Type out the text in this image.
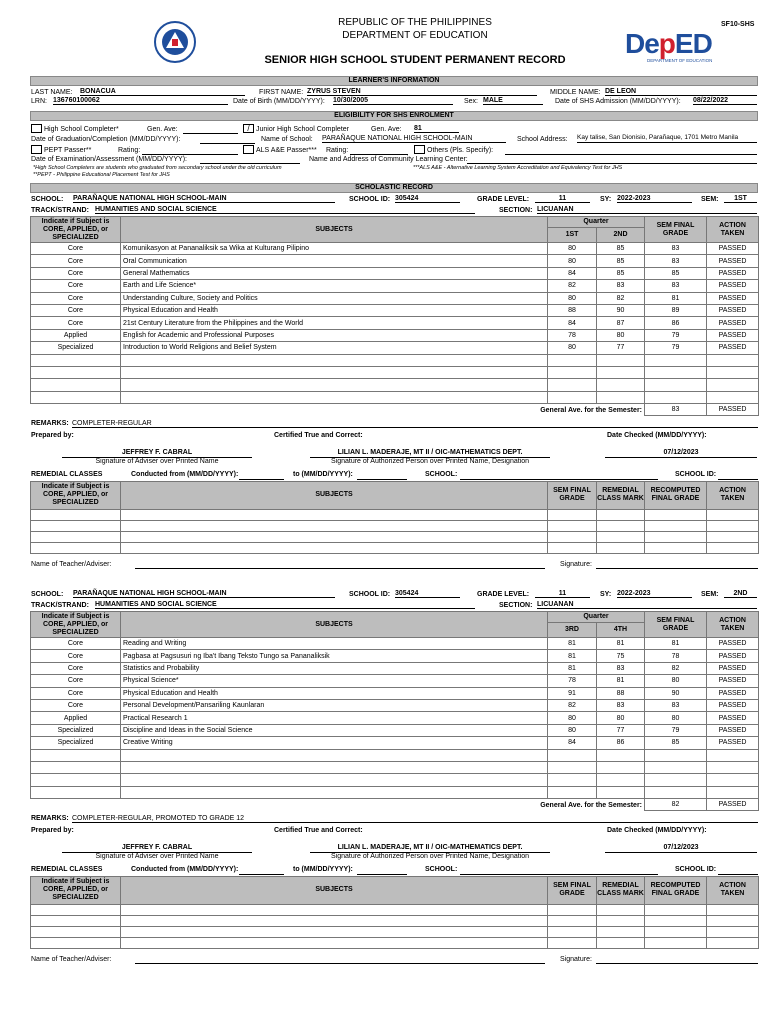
REPUBLIC OF THE PHILIPPINES
DEPARTMENT OF EDUCATION
SENIOR HIGH SCHOOL STUDENT PERMANENT RECORD
SF10-SHS
DepED
DEPARTMENT OF EDUCATION
LEARNER'S INFORMATION
LAST NAME: BONACUA	FIRST NAME: ZYRUS STEVEN	MIDDLE NAME: DE LEON
LRN: 136760100062	Date of Birth (MM/DD/YYYY): 10/30/2005	Sex: MALE	Date of SHS Admission (MM/DD/YYYY): 08/22/2022
ELIGIBILITY FOR SHS ENROLMENT
High School Completer*	Gen. Ave:	/ Junior High School Completer	Gen. Ave: 81
Date of Graduation/Completion (MM/DD/YYYY):	Name of School: PARAÑAQUE NATIONAL HIGH SCHOOL-MAIN	School Address: Kay talise, San Dionisio, Parañaque, 1701 Metro Manila
PEPT Passer**	Rating:	ALS A&E Passer*** Rating:	Others (Pls. Specify):
Date of Examination/Assessment (MM/DD/YYYY):	Name and Address of Community Learning Center:
*High School Completers are students who graduated from secondary school under the old curriculum	***ALS A&E - Alternative Learning System Accreditation and Equivalency Test for JHS
**PEPT - Philippine Educational Placement Test for JHS
SCHOLASTIC RECORD
SCHOOL: PARAÑAQUE NATIONAL HIGH SCHOOL-MAIN	SCHOOL ID: 305424	GRADE LEVEL:	11	SY: 2022-2023	SEM:	1ST
TRACK/STRAND: HUMANITIES AND SOCIAL SCIENCE	SECTION: LICUANAN
Indicate if Subject is CORE, APPLIED, or SPECIALIZED	SUBJECTS	Quarter		SEM FINAL GRADE	ACTION TAKEN
		1ST	2ND		
Core	Komunikasyon at Pananaliksik sa Wika at Kulturang Pilipino	80	85	83	PASSED
Core	Oral Communication	80	85	83	PASSED
Core	General Mathematics	84	85	85	PASSED
Core	Earth and Life Science*	82	83	83	PASSED
Core	Understanding Culture, Society and Politics	80	82	81	PASSED
Core	Physical Education and Health	88	90	89	PASSED
Core	21st Century Literature from the Philippines and the World	84	87	86	PASSED
Applied	English for Academic and Professional Purposes	78	80	79	PASSED
Specialized	Introduction to World Religions and Belief System	80	77	79	PASSED

General Ave. for the Semester:				83	PASSED
REMARKS: COMPLETER-REGULAR
Prepared by:	Certified True and Correct:	Date Checked (MM/DD/YYYY):
JEFFREY F. CABRAL
Signature of Adviser over Printed Name
LILIAN L. MADERAJE, MT II / OIC-MATHEMATICS DEPT.
Signature of Authorized Person over Printed Name, Designation
07/12/2023
REMEDIAL CLASSES	Conducted from (MM/DD/YYYY):	to (MM/DD/YYYY):	SCHOOL:	SCHOOL ID:
Indicate if Subject is CORE, APPLIED, or SPECIALIZED	SUBJECTS	SEM FINAL GRADE	REMEDIAL CLASS MARK	RECOMPUTED FINAL GRADE	ACTION TAKEN

Name of Teacher/Adviser:	Signature:
SCHOOL: PARAÑAQUE NATIONAL HIGH SCHOOL-MAIN	SCHOOL ID: 305424	GRADE LEVEL:	11	SY: 2022-2023	SEM:	2ND
TRACK/STRAND: HUMANITIES AND SOCIAL SCIENCE	SECTION: LICUANAN
Indicate if Subject is CORE, APPLIED, or SPECIALIZED	SUBJECTS	Quarter		SEM FINAL GRADE	ACTION TAKEN
		3RD	4TH		
Core	Reading and Writing	81	81	81	PASSED
Core	Pagbasa at Pagsusuri ng Iba't Ibang Teksto Tungo sa Pananaliksik	81	75	78	PASSED
Core	Statistics and Probability	81	83	82	PASSED
Core	Physical Science*	78	81	80	PASSED
Core	Physical Education and Health	91	88	90	PASSED
Core	Personal Development/Pansariling Kaunlaran	82	83	83	PASSED
Applied	Practical Research 1	80	80	80	PASSED
Specialized	Discipline and Ideas in the Social Science	80	77	79	PASSED
Specialized	Creative Writing	84	86	85	PASSED

General Ave. for the Semester:				82	PASSED
REMARKS: COMPLETER-REGULAR, PROMOTED TO GRADE 12
Prepared by:	Certified True and Correct:	Date Checked (MM/DD/YYYY):
JEFFREY F. CABRAL
Signature of Adviser over Printed Name
LILIAN L. MADERAJE, MT II / OIC-MATHEMATICS DEPT.
Signature of Authorized Person over Printed Name, Designation
07/12/2023
REMEDIAL CLASSES	Conducted from (MM/DD/YYYY):	to (MM/DD/YYYY):	SCHOOL:	SCHOOL ID:
Indicate if Subject is CORE, APPLIED, or SPECIALIZED	SUBJECTS	SEM FINAL GRADE	REMEDIAL CLASS MARK	RECOMPUTED FINAL GRADE	ACTION TAKEN

Name of Teacher/Adviser:	Signature:
